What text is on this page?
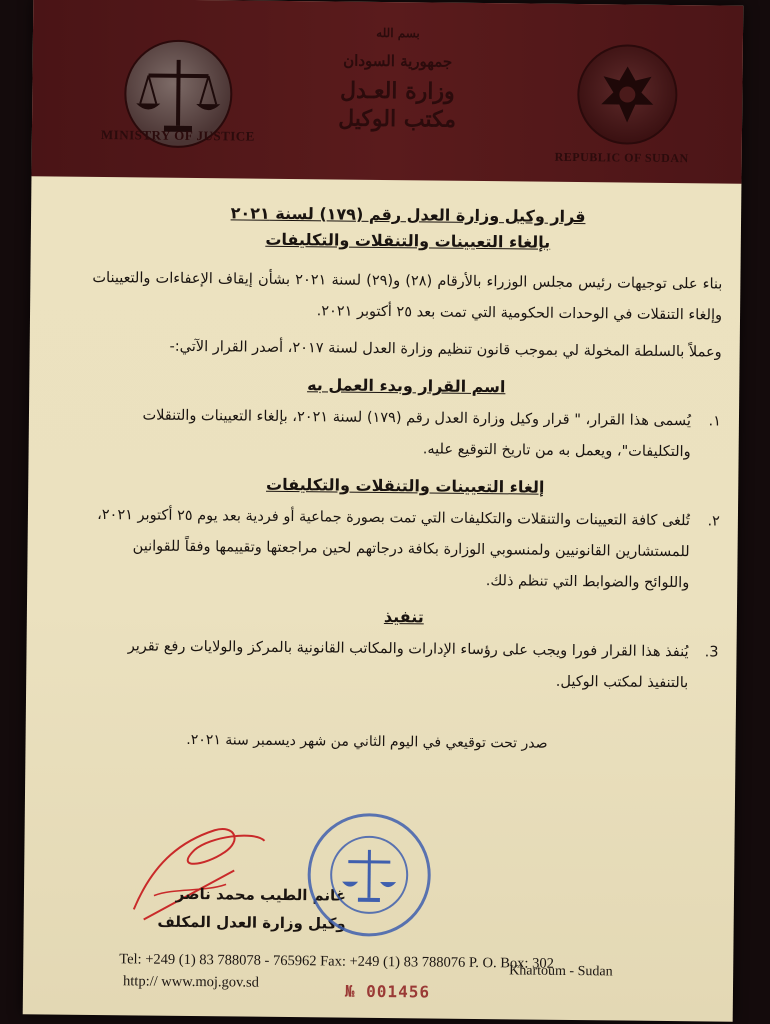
MINISTRY OF JUSTICE
بسم الله
جمهورية السودان
وزارة العـدل
مكتب الوكيل
REPUBLIC OF SUDAN
قرار وكيل وزارة العدل رقم (١٧٩) لسنة ٢٠٢١
بإلغاء التعيينات والتنقلات والتكليفات

بناء على توجيهات رئيس مجلس الوزراء بالأرقام (٢٨) و(٢٩) لسنة ٢٠٢١ بشأن إيقاف الإعفاءات والتعيينات وإلغاء التنقلات في الوحدات الحكومية التي تمت بعد ٢٥ أكتوبر ٢٠٢١.

وعملاً بالسلطة المخولة لي بموجب قانون تنظيم وزارة العدل لسنة ٢٠١٧، أصدر القرار الآتي:-

اسم القرار وبدء العمل به
١.
يُسمى هذا القرار، " قرار وكيل وزارة العدل رقم (١٧٩) لسنة ٢٠٢١، بإلغاء التعيينات والتنقلات والتكليفات"، ويعمل به من تاريخ التوقيع عليه.
إلغاء التعيينات والتنقلات والتكليفات
٢.
تُلغى كافة التعيينات والتنقلات والتكليفات التي تمت بصورة جماعية أو فردية بعد يوم ٢٥ أكتوبر ٢٠٢١، للمستشارين القانونيين ولمنسوبي الوزارة بكافة درجاتهم لحين مراجعتها وتقييمها وفقاً للقوانين واللوائح والضوابط التي تنظم ذلك.
تنفيذ
3.
يُنفذ هذا القرار فورا ويجب على رؤساء الإدارات والمكاتب القانونية بالمركز والولايات رفع تقرير بالتنفيذ لمكتب الوكيل.
صدر تحت توقيعي في اليوم الثاني من شهر ديسمبر سنة ٢٠٢١.
غانم الطيب محمد ناصر
وكيل وزارة العدل المكلف
Tel: +249 (1) 83 788078 - 765962 Fax: +249 (1) 83 788076 P. O. Box: 302
Khartoum - Sudan
http:// www.moj.gov.sd	№ 001456
